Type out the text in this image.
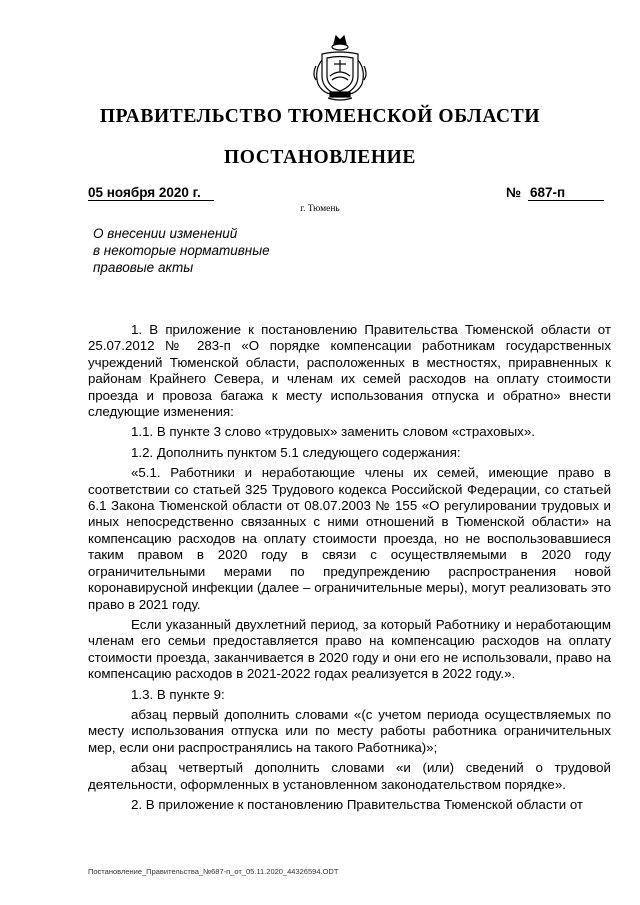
ПРАВИТЕЛЬСТВО ТЮМЕНСКОЙ ОБЛАСТИ
ПОСТАНОВЛЕНИЕ
05 ноября 2020 г.	№ 687-п
г. Тюмень
О внесении изменений
в некоторые нормативные
правовые акты

1. В приложение к постановлению Правительства Тюменской области от 25.07.2012 № 283-п «О порядке компенсации работникам государственных учреждений Тюменской области, расположенных в местностях, приравненных к районам Крайнего Севера, и членам их семей расходов на оплату стоимости проезда и провоза багажа к месту использования отпуска и обратно» внести следующие изменения:

1.1. В пункте 3 слово «трудовых» заменить словом «страховых».

1.2. Дополнить пунктом 5.1 следующего содержания:

«5.1. Работники и неработающие члены их семей, имеющие право в соответствии со статьей 325 Трудового кодекса Российской Федерации, со статьей 6.1 Закона Тюменской области от 08.07.2003 № 155 «О регулировании трудовых и иных непосредственно связанных с ними отношений в Тюменской области» на компенсацию расходов на оплату стоимости проезда, но не воспользовавшиеся таким правом в 2020 году в связи с осуществляемыми в 2020 году ограничительными мерами по предупреждению распространения новой коронавирусной инфекции (далее – ограничительные меры), могут реализовать это право в 2021 году.

Если указанный двухлетний период, за который Работнику и неработающим членам его семьи предоставляется право на компенсацию расходов на оплату стоимости проезда, заканчивается в 2020 году и они его не использовали, право на компенсацию расходов в 2021-2022 годах реализуется в 2022 году.».

1.3. В пункте 9:

абзац первый дополнить словами «(с учетом периода осуществляемых по месту использования отпуска или по месту работы работника ограничительных мер, если они распространялись на такого Работника)»;

абзац четвертый дополнить словами «и (или) сведений о трудовой деятельности, оформленных в установленном законодательством порядке».

2. В приложение к постановлению Правительства Тюменской области от

Постановление_Правительства_№687-п_от_05.11.2020_44326594.ODT
